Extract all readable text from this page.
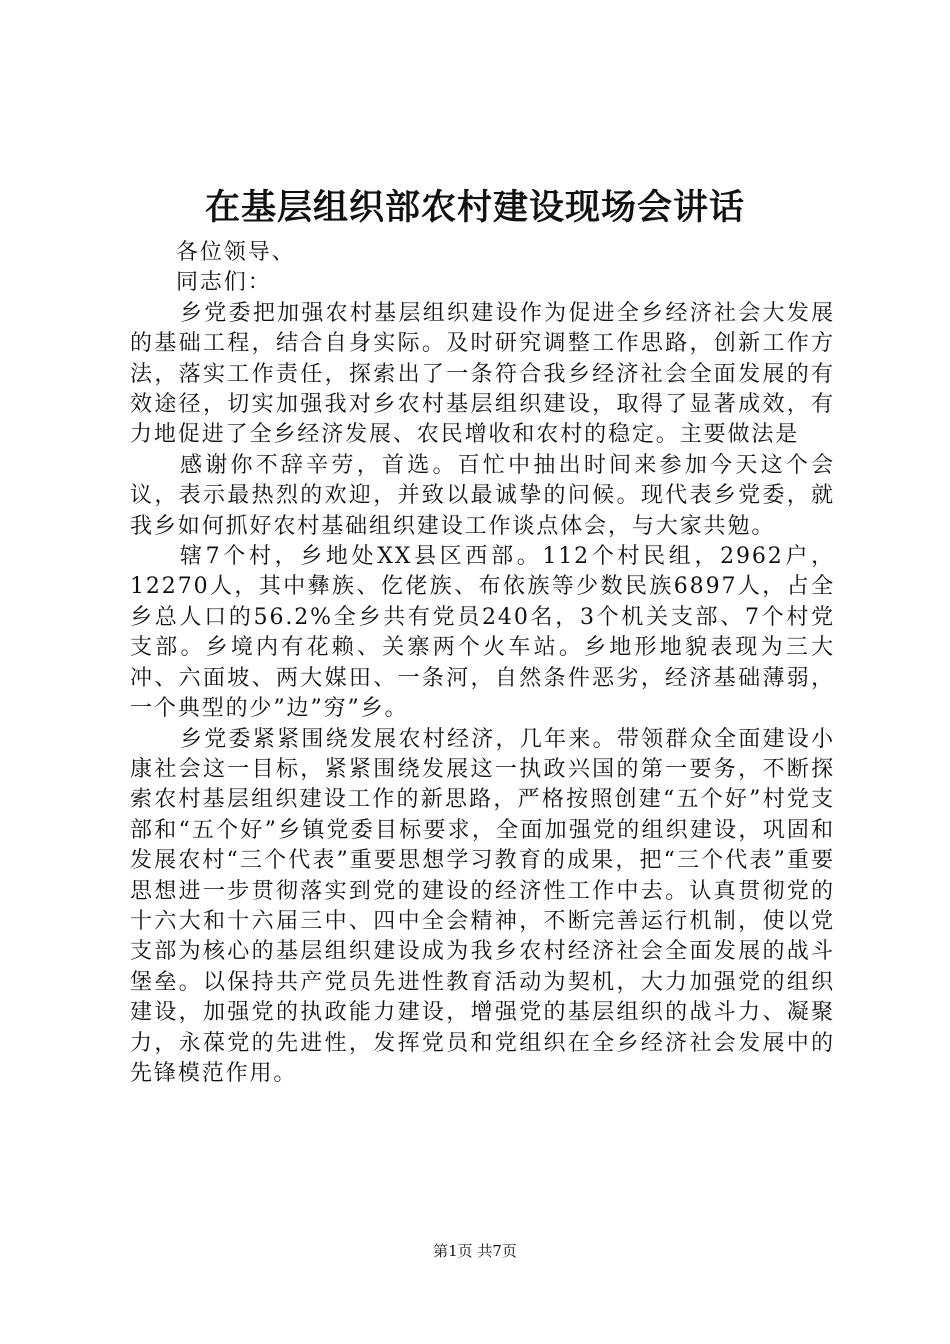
在基层组织部农村建设现场会讲话

各位领导、

同志们：

乡党委把加强农村基层组织建设作为促进全乡经济社会大发展的基础工程，结合自身实际。及时研究调整工作思路，创新工作方法，落实工作责任，探索出了一条符合我乡经济社会全面发展的有效途径，切实加强我对乡农村基层组织建设，取得了显著成效，有力地促进了全乡经济发展、农民增收和农村的稳定。主要做法是

感谢你不辞辛劳，首选。百忙中抽出时间来参加今天这个会议，表示最热烈的欢迎，并致以最诚挚的问候。现代表乡党委，就我乡如何抓好农村基础组织建设工作谈点体会，与大家共勉。

辖7个村，乡地处XX县区西部。112个村民组，2962户，12270人，其中彝族、仡佬族、布依族等少数民族6897人，占全乡总人口的56.2%全乡共有党员240名，3个机关支部、7个村党支部。乡境内有花赖、关寨两个火车站。乡地形地貌表现为三大冲、六面坡、两大媒田、一条河，自然条件恶劣，经济基础薄弱，一个典型的少”边”穷”乡。

乡党委紧紧围绕发展农村经济，几年来。带领群众全面建设小康社会这一目标，紧紧围绕发展这一执政兴国的第一要务，不断探索农村基层组织建设工作的新思路，严格按照创建“五个好”村党支部和“五个好”乡镇党委目标要求，全面加强党的组织建设，巩固和发展农村“三个代表”重要思想学习教育的成果，把“三个代表”重要思想进一步贯彻落实到党的建设的经济性工作中去。认真贯彻党的十六大和十六届三中、四中全会精神，不断完善运行机制，使以党支部为核心的基层组织建设成为我乡农村经济社会全面发展的战斗堡垒。以保持共产党员先进性教育活动为契机，大力加强党的组织建设，加强党的执政能力建设，增强党的基层组织的战斗力、凝聚力，永葆党的先进性，发挥党员和党组织在全乡经济社会发展中的先锋模范作用。

第1页 共7页
